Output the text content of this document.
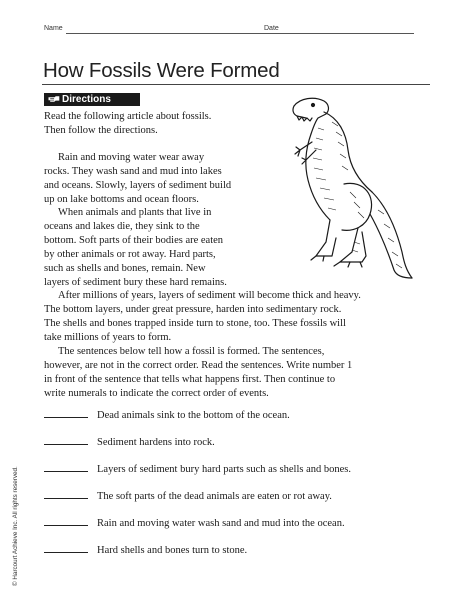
Name	Date
How Fossils Were Formed
Directions
Read the following article about fossils.
Then follow the directions.
Rain and moving water wear away
rocks. They wash sand and mud into lakes
and oceans. Slowly, layers of sediment build
up on lake bottoms and ocean floors.
When animals and plants that live in
oceans and lakes die, they sink to the
bottom. Soft parts of their bodies are eaten
by other animals or rot away. Hard parts,
such as shells and bones, remain. New
layers of sediment bury these hard remains.
After millions of years, layers of sediment will become thick and heavy.
The bottom layers, under great pressure, harden into sedimentary rock.
The shells and bones trapped inside turn to stone, too. These fossils will
take millions of years to form.
The sentences below tell how a fossil is formed. The sentences,
however, are not in the correct order. Read the sentences. Write number 1
in front of the sentence that tells what happens first. Then continue to
write numerals to indicate the correct order of events.
Dead animals sink to the bottom of the ocean.
Sediment hardens into rock.
Layers of sediment bury hard parts such as shells and bones.
The soft parts of the dead animals are eaten or rot away.
Rain and moving water wash sand and mud into the ocean.
Hard shells and bones turn to stone.
© Harcourt Achieve Inc. All rights reserved.
